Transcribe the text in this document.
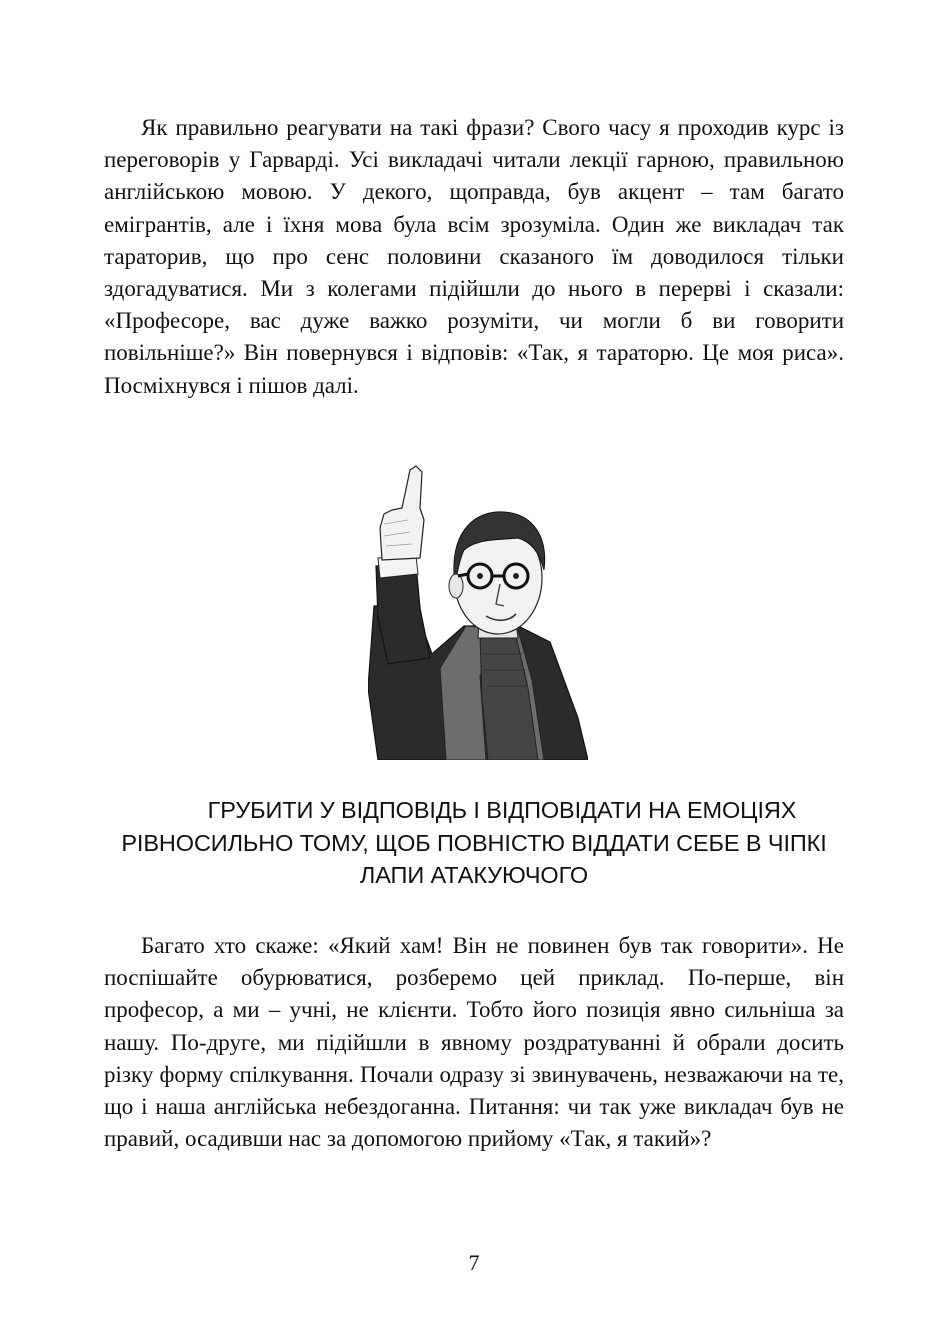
Як правильно реагувати на такі фрази? Свого часу я проходив курс із переговорів у Гарварді. Усі викладачі читали лекції гарною, правильною англійською мовою. У декого, щоправда, був акцент – там багато емігрантів, але і їхня мова була всім зрозуміла. Один же викладач так тараторив, що про сенс половини сказаного їм доводилося тільки здогадуватися. Ми з колегами підійшли до нього в перерві і сказали: «Професоре, вас дуже важко розуміти, чи могли б ви говорити повільніше?» Він повернувся і відповів: «Так, я тараторю. Це моя риса». Посміхнувся і пішов далі.

ГРУБИТИ У ВІДПОВІДЬ І ВІДПОВІДАТИ НА ЕМОЦІЯХ
РІВНОСИЛЬНО ТОМУ, ЩОБ ПОВНІСТЮ ВІДДАТИ СЕБЕ В ЧІПКІ
ЛАПИ АТАКУЮЧОГО

Багато хто скаже: «Який хам! Він не повинен був так говорити». Не поспішайте обурюватися, розберемо цей приклад. По-перше, він професор, а ми – учні, не клієнти. Тобто його позиція явно сильніша за нашу. По-друге, ми підійшли в явному роздратуванні й обрали досить різку форму спілкування. Почали одразу зі звинувачень, незважаючи на те, що і наша англійська небездоганна. Питання: чи так уже викладач був не правий, осадивши нас за допомогою прийому «Так, я такий»?

7
